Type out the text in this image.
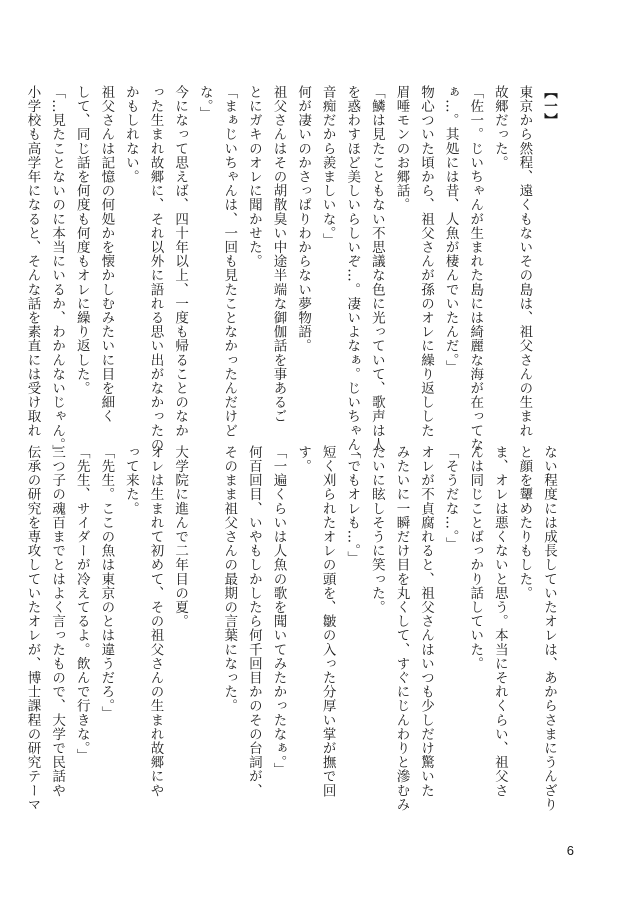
【一】
東京から然程、遠くもないその島は、祖父さんの生まれ
故郷だった。
「佐一。じいちゃんが生まれた島には綺麗な海が在ってな
ぁ…。其処には昔、人魚が棲んでいたんだ。」
物心ついた頃から、祖父さんが孫のオレに繰り返しした
眉唾モンのお郷話。
「鱗は見たこともない不思議な色に光っていて、歌声は人
を惑わすほど美しいらしいぞ…。凄いよなぁ。じいちゃん、
音痴だから羨ましいな。」
何が凄いのかさっぱりわからない夢物語。
祖父さんはその胡散臭い中途半端な御伽話を事あるご
とにガキのオレに聞かせた。
「まぁじいちゃんは、一回も見たことなかったんだけど
な。」
今になって思えば、四十年以上、一度も帰ることのなか
った生まれ故郷に、それ以外に語れる思い出がなかったの
かもしれない。
祖父さんは記憶の何処かを懐かしむみたいに目を細く
して、同じ話を何度も何度もオレに繰り返した。
「…見たことないのに本当にいるか、わかんないじゃん。」
小学校も高学年になると、そんな話を素直には受け取れ
ない程度には成長していたオレは、あからさまにうんざり
と顔を顰めたりもした。
ま、オレは悪くないと思う。本当にそれくらい、祖父さ
んは同じことばっかり話していた。
「そうだな…。」
オレが不貞腐れると、祖父さんはいつも少しだけ驚いた
みたいに一瞬だけ目を丸くして、すぐにじんわりと滲むみ
たいに眩しそうに笑った。
「でもオレも…。」
短く刈られたオレの頭を、皺の入った分厚い掌が撫で回
す。
「一遍くらいは人魚の歌を聞いてみたかったなぁ。」
何百回目、いやもしかしたら何千回目かのその台詞が、
そのまま祖父さんの最期の言葉になった。

大学院に進んで二年目の夏。
オレは生まれて初めて、その祖父さんの生まれ故郷にや
って来た。
「先生。ここの魚は東京のとは違うだろ。」
「先生、サイダーが冷えてるよ。飲んで行きな。」
三つ子の魂百までとはよく言ったもので、大学で民話や
伝承の研究を専攻していたオレが、博士課程の研究テーマ
6
